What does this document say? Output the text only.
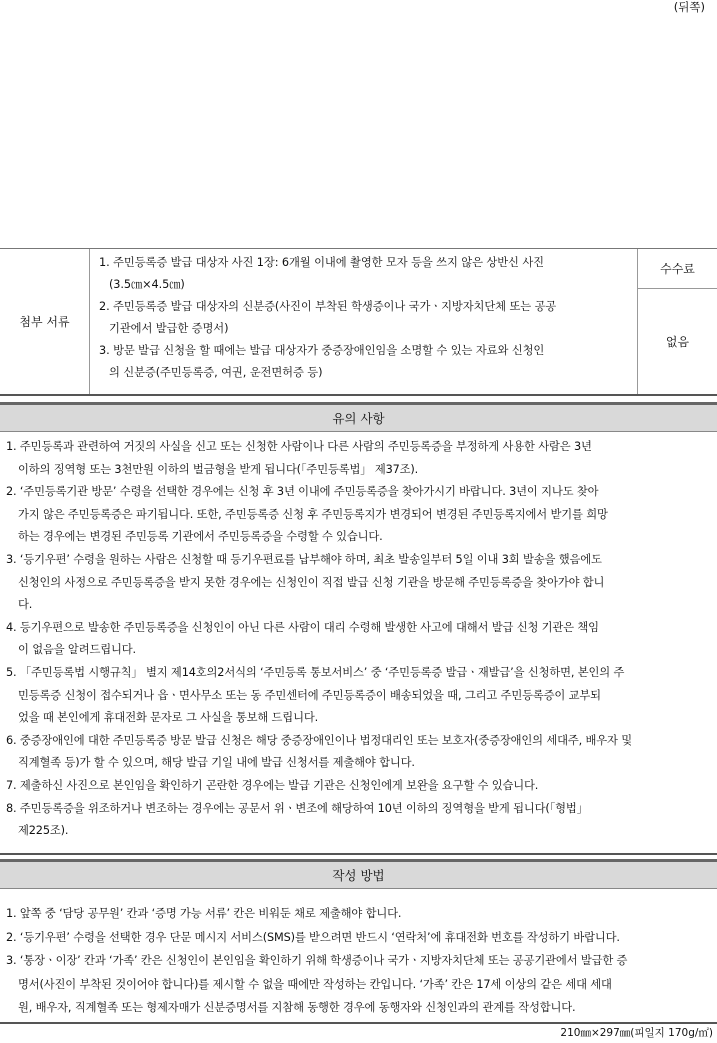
(뒤쪽)
첨부 서류
1. 주민등록증 발급 대상자 사진 1장: 6개월 이내에 촬영한 모자 등을 쓰지 않은 상반신 사진
(3.5㎝×4.5㎝)
2. 주민등록증 발급 대상자의 신분증(사진이 부착된 학생증이나 국가ㆍ지방자치단체 또는 공공
기관에서 발급한 증명서)
3. 방문 발급 신청을 할 때에는 발급 대상자가 중증장애인임을 소명할 수 있는 자료와 신청인
의 신분증(주민등록증, 여권, 운전면허증 등)
수수료
없음
유의 사항
1. 주민등록과 관련하여 거짓의 사실을 신고 또는 신청한 사람이나 다른 사람의 주민등록증을 부정하게 사용한 사람은 3년
이하의 징역형 또는 3천만원 이하의 벌금형을 받게 됩니다(「주민등록법」 제37조).
2. ‘주민등록기관 방문’ 수령을 선택한 경우에는 신청 후 3년 이내에 주민등록증을 찾아가시기 바랍니다. 3년이 지나도 찾아
가지 않은 주민등록증은 파기됩니다. 또한, 주민등록증 신청 후 주민등록지가 변경되어 변경된 주민등록지에서 받기를 희망
하는 경우에는 변경된 주민등록 기관에서 주민등록증을 수령할 수 있습니다.
3. ‘등기우편’ 수령을 원하는 사람은 신청할 때 등기우편료를 납부해야 하며, 최초 발송일부터 5일 이내 3회 발송을 했음에도
신청인의 사정으로 주민등록증을 받지 못한 경우에는 신청인이 직접 발급 신청 기관을 방문해 주민등록증을 찾아가야 합니
다.
4. 등기우편으로 발송한 주민등록증을 신청인이 아닌 다른 사람이 대리 수령해 발생한 사고에 대해서 발급 신청 기관은 책임
이 없음을 알려드립니다.
5. 「주민등록법 시행규칙」 별지 제14호의2서식의 ‘주민등록 통보서비스’ 중 ‘주민등록증 발급ㆍ재발급’을 신청하면, 본인의 주
민등록증 신청이 접수되거나 읍ㆍ면사무소 또는 동 주민센터에 주민등록증이 배송되었을 때, 그리고 주민등록증이 교부되
었을 때 본인에게 휴대전화 문자로 그 사실을 통보해 드립니다.
6. 중증장애인에 대한 주민등록증 방문 발급 신청은 해당 중증장애인이나 법정대리인 또는 보호자(중증장애인의 세대주, 배우자 및
직계혈족 등)가 할 수 있으며, 해당 발급 기일 내에 발급 신청서를 제출해야 합니다.
7. 제출하신 사진으로 본인임을 확인하기 곤란한 경우에는 발급 기관은 신청인에게 보완을 요구할 수 있습니다.
8. 주민등록증을 위조하거나 변조하는 경우에는 공문서 위ㆍ변조에 해당하여 10년 이하의 징역형을 받게 됩니다(「형법」
제225조).
작성 방법
1. 앞쪽 중 ‘담당 공무원’ 칸과 ‘증명 가능 서류’ 칸은 비워둔 채로 제출해야 합니다.
2. ‘등기우편’ 수령을 선택한 경우 단문 메시지 서비스(SMS)를 받으려면 반드시 ‘연락처’에 휴대전화 번호를 작성하기 바랍니다.
3. ‘통장ㆍ이장’ 칸과 ‘가족’ 칸은 신청인이 본인임을 확인하기 위해 학생증이나 국가ㆍ지방자치단체 또는 공공기관에서 발급한 증
명서(사진이 부착된 것이어야 합니다)를 제시할 수 없을 때에만 작성하는 칸입니다. ‘가족’ 칸은 17세 이상의 같은 세대 세대
원, 배우자, 직계혈족 또는 형제자매가 신분증명서를 지참해 동행한 경우에 동행자와 신청인과의 관계를 작성합니다.
210㎜×297㎜(피일지 170g/㎡)
